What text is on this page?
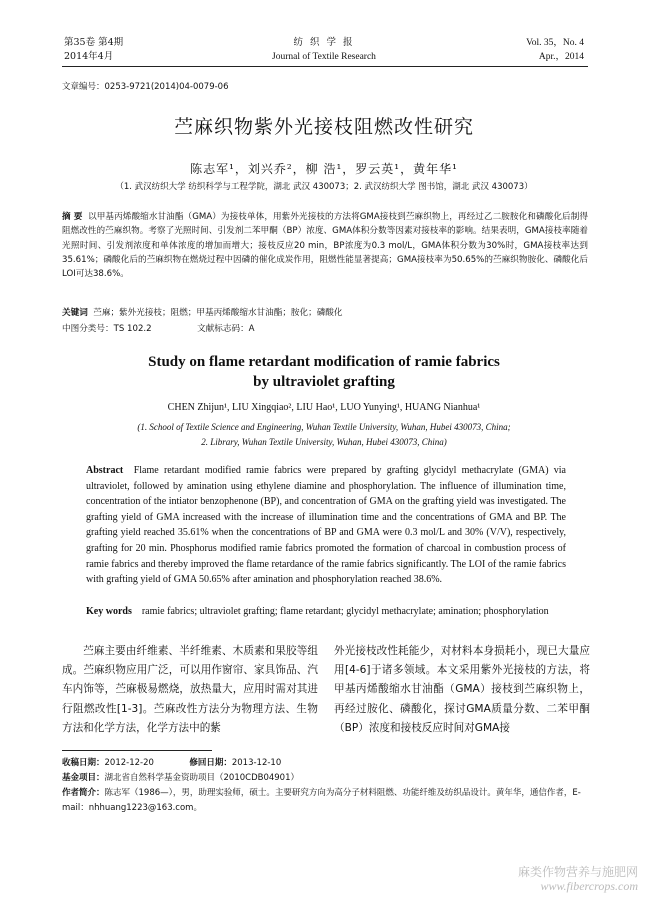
第35卷 第4期
2014年4月
纺 织 学 报
Journal of Textile Research
Vol. 35，No. 4
Apr.，2014
文章编号：0253-9721(2014)04-0079-06
苎麻织物紫外光接枝阻燃改性研究
陈志军¹，刘兴乔²，柳 浩¹，罗云英¹，黄年华¹
（1. 武汉纺织大学 纺织科学与工程学院，湖北 武汉 430073；2. 武汉纺织大学 图书馆，湖北 武汉 430073）
摘 要 以甲基丙烯酸缩水甘油酯（GMA）为接枝单体，用紫外光接枝的方法将GMA接枝到苎麻织物上，再经过乙二胺胺化和磷酸化后制得阻燃改性的苎麻织物。考察了光照时间、引发剂二苯甲酮（BP）浓度、GMA体积分数等因素对接枝率的影响。结果表明，GMA接枝率随着光照时间、引发剂浓度和单体浓度的增加而增大；接枝反应20 min，BP浓度为0.3 mol/L，GMA体积分数为30%时，GMA接枝率达到35.61%；磷酸化后的苎麻织物在燃烧过程中因磷的催化成炭作用，阻燃性能显著提高；GMA接枝率为50.65%的苎麻织物胺化、磷酸化后LOI可达38.6%。
关键词 苎麻；紫外光接枝；阻燃；甲基丙烯酸缩水甘油酯；胺化；磷酸化
中图分类号：TS 102.2	文献标志码：A
Study on flame retardant modification of ramie fabrics
by ultraviolet grafting
CHEN Zhijun¹, LIU Xingqiao², LIU Hao¹, LUO Yunying¹, HUANG Nianhua¹
(1. School of Textile Science and Engineering, Wuhan Textile University, Wuhan, Hubei 430073, China;
2. Library, Wuhan Textile University, Wuhan, Hubei 430073, China)
Abstract Flame retardant modified ramie fabrics were prepared by grafting glycidyl methacrylate (GMA) via ultraviolet, followed by amination using ethylene diamine and phosphorylation. The influence of illumination time, concentration of the intiator benzophenone (BP), and concentration of GMA on the grafting yield was investigated. The grafting yield of GMA increased with the increase of illumination time and the concentrations of GMA and BP. The grafting yield reached 35.61% when the concentrations of BP and GMA were 0.3 mol/L and 30% (V/V), respectively, grafting for 20 min. Phosphorus modified ramie fabrics promoted the formation of charcoal in combustion process of ramie fabrics and thereby improved the flame retardance of the ramie fabrics significantly. The LOI of the ramie fabrics with grafting yield of GMA 50.65% after amination and phosphorylation reached 38.6%.
Key words ramie fabrics; ultraviolet grafting; flame retardant; glycidyl methacrylate; amination; phosphorylation
苎麻主要由纤维素、半纤维素、木质素和果胶等组成。苎麻织物应用广泛，可以用作窗帘、家具饰品、汽车内饰等，苎麻极易燃烧，放热量大，应用时需对其进行阻燃改性[1-3]。苎麻改性方法分为物理方法、生物方法和化学方法，化学方法中的紫
外光接枝改性耗能少，对材料本身损耗小，现已大量应用[4-6]于诸多领域。本文采用紫外光接枝的方法，将甲基丙烯酸缩水甘油酯（GMA）接枝到苎麻织物上，再经过胺化、磷酸化，探讨GMA质量分数、二苯甲酮（BP）浓度和接枝反应时间对GMA接
收稿日期：2012-12-20	修回日期：2013-12-10
基金项目：湖北省自然科学基金资助项目（2010CDB04901）
作者简介：陈志军（1986—），男，助理实验师，硕士。主要研究方向为高分子材料阻燃、功能纤维及纺织品设计。黄年华，通信作者，E-mail：nhhuang1223@163.com。
麻类作物营养与施肥网
www.fibercrops.com
